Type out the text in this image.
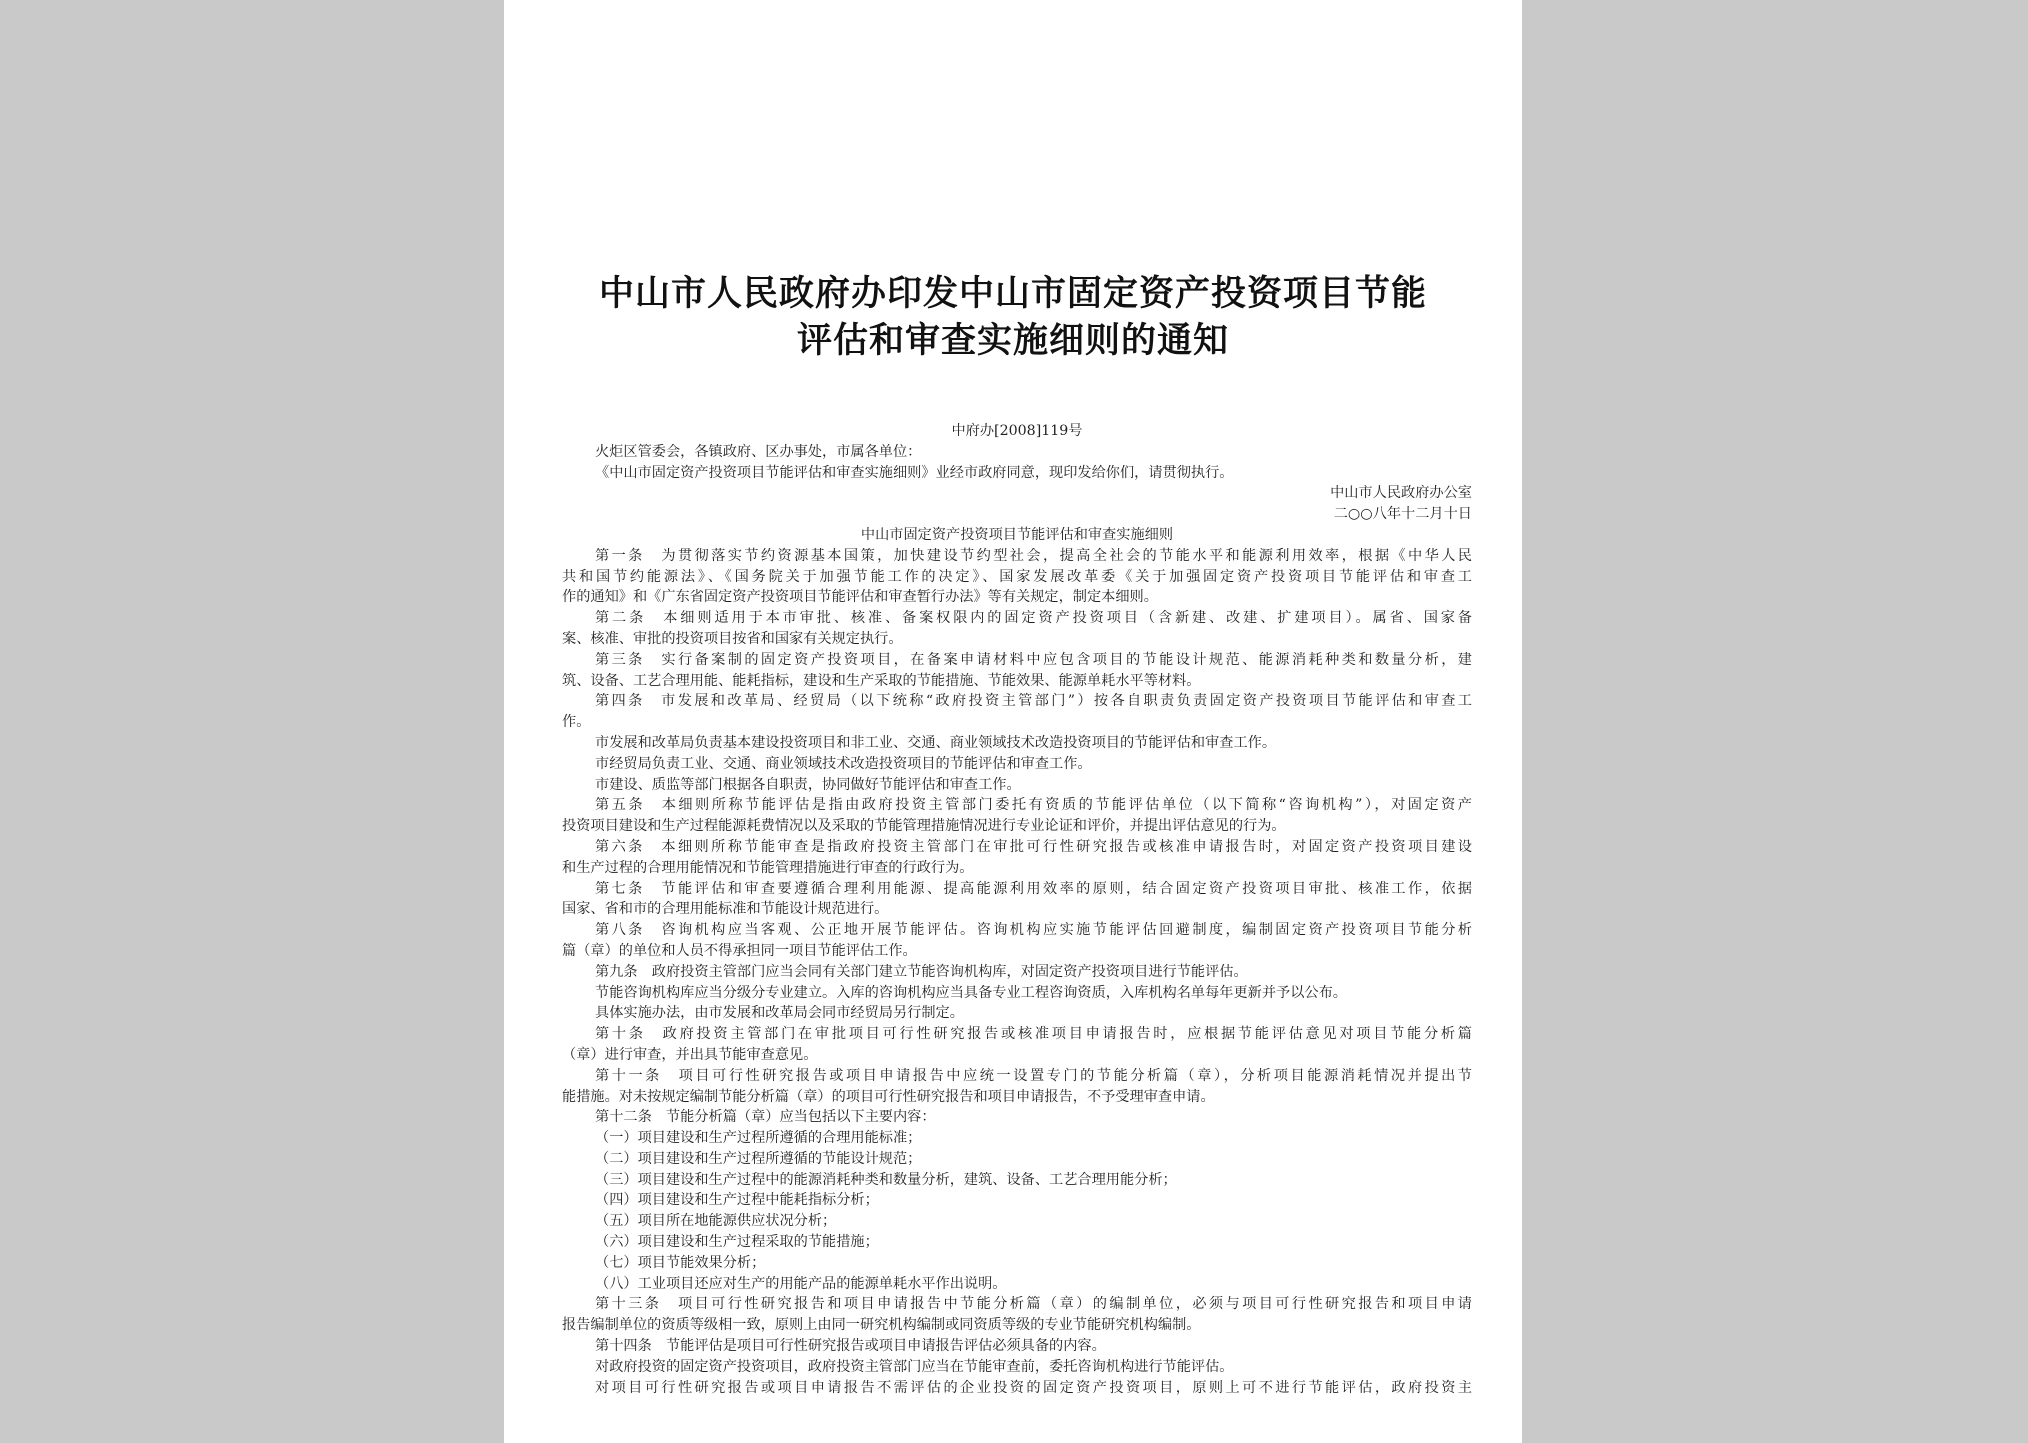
中山市人民政府办印发中山市固定资产投资项目节能
评估和审查实施细则的通知
中府办[2008]119号
火炬区管委会，各镇政府、区办事处，市属各单位：
《中山市固定资产投资项目节能评估和审查实施细则》业经市政府同意，现印发给你们，请贯彻执行。
中山市人民政府办公室
二○○八年十二月十日
中山市固定资产投资项目节能评估和审查实施细则
第一条　为贯彻落实节约资源基本国策，加快建设节约型社会，提高全社会的节能水平和能源利用效率，根据《中华人民
共和国节约能源法》、《国务院关于加强节能工作的决定》、国家发展改革委《关于加强固定资产投资项目节能评估和审查工
作的通知》和《广东省固定资产投资项目节能评估和审查暂行办法》等有关规定，制定本细则。
第二条　本细则适用于本市审批、核准、备案权限内的固定资产投资项目（含新建、改建、扩建项目）。属省、国家备
案、核准、审批的投资项目按省和国家有关规定执行。
第三条　实行备案制的固定资产投资项目，在备案申请材料中应包含项目的节能设计规范、能源消耗种类和数量分析，建
筑、设备、工艺合理用能、能耗指标，建设和生产采取的节能措施、节能效果、能源单耗水平等材料。
第四条　市发展和改革局、经贸局（以下统称“政府投资主管部门”）按各自职责负责固定资产投资项目节能评估和审查工
作。
市发展和改革局负责基本建设投资项目和非工业、交通、商业领域技术改造投资项目的节能评估和审查工作。
市经贸局负责工业、交通、商业领域技术改造投资项目的节能评估和审查工作。
市建设、质监等部门根据各自职责，协同做好节能评估和审查工作。
第五条　本细则所称节能评估是指由政府投资主管部门委托有资质的节能评估单位（以下简称“咨询机构”），对固定资产
投资项目建设和生产过程能源耗费情况以及采取的节能管理措施情况进行专业论证和评价，并提出评估意见的行为。
第六条　本细则所称节能审查是指政府投资主管部门在审批可行性研究报告或核准申请报告时，对固定资产投资项目建设
和生产过程的合理用能情况和节能管理措施进行审查的行政行为。
第七条　节能评估和审查要遵循合理利用能源、提高能源利用效率的原则，结合固定资产投资项目审批、核准工作，依据
国家、省和市的合理用能标准和节能设计规范进行。
第八条　咨询机构应当客观、公正地开展节能评估。咨询机构应实施节能评估回避制度，编制固定资产投资项目节能分析
篇（章）的单位和人员不得承担同一项目节能评估工作。
第九条　政府投资主管部门应当会同有关部门建立节能咨询机构库，对固定资产投资项目进行节能评估。
节能咨询机构库应当分级分专业建立。入库的咨询机构应当具备专业工程咨询资质，入库机构名单每年更新并予以公布。
具体实施办法，由市发展和改革局会同市经贸局另行制定。
第十条　政府投资主管部门在审批项目可行性研究报告或核准项目申请报告时，应根据节能评估意见对项目节能分析篇
（章）进行审查，并出具节能审查意见。
第十一条　项目可行性研究报告或项目申请报告中应统一设置专门的节能分析篇（章），分析项目能源消耗情况并提出节
能措施。对未按规定编制节能分析篇（章）的项目可行性研究报告和项目申请报告，不予受理审查申请。
第十二条　节能分析篇（章）应当包括以下主要内容：
（一）项目建设和生产过程所遵循的合理用能标准；
（二）项目建设和生产过程所遵循的节能设计规范；
（三）项目建设和生产过程中的能源消耗种类和数量分析，建筑、设备、工艺合理用能分析；
（四）项目建设和生产过程中能耗指标分析；
（五）项目所在地能源供应状况分析；
（六）项目建设和生产过程采取的节能措施；
（七）项目节能效果分析；
（八）工业项目还应对生产的用能产品的能源单耗水平作出说明。
第十三条　项目可行性研究报告和项目申请报告中节能分析篇（章）的编制单位，必须与项目可行性研究报告和项目申请
报告编制单位的资质等级相一致，原则上由同一研究机构编制或同资质等级的专业节能研究机构编制。
第十四条　节能评估是项目可行性研究报告或项目申请报告评估必须具备的内容。
对政府投资的固定资产投资项目，政府投资主管部门应当在节能审查前，委托咨询机构进行节能评估。
对项目可行性研究报告或项目申请报告不需评估的企业投资的固定资产投资项目，原则上可不进行节能评估，政府投资主
